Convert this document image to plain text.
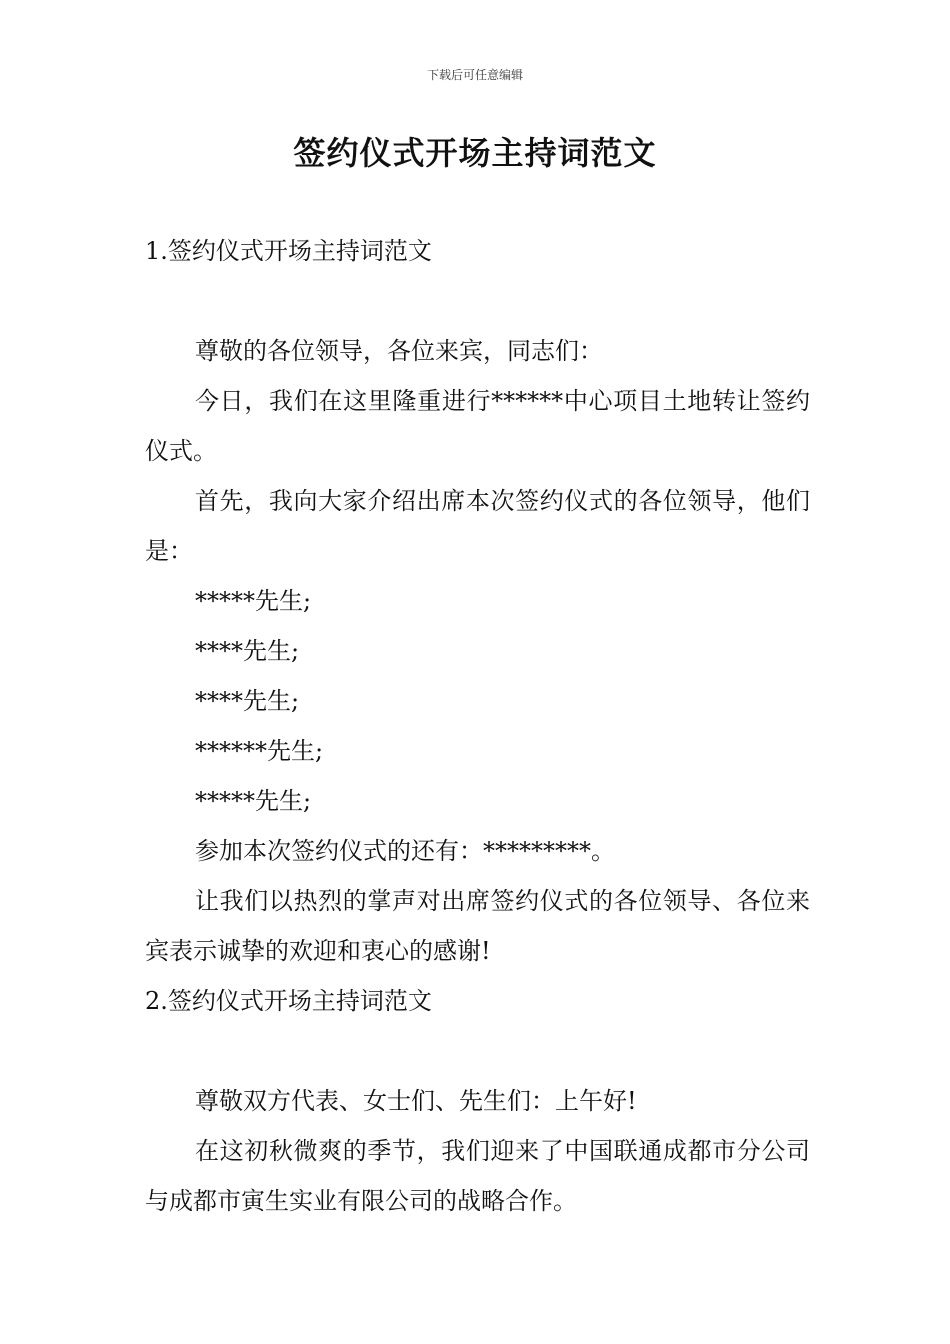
下载后可任意编辑
签约仪式开场主持词范文

1.签约仪式开场主持词范文

尊敬的各位领导，各位来宾，同志们：

今日，我们在这里隆重进行******中心项目土地转让签约仪式。

首先，我向大家介绍出席本次签约仪式的各位领导，他们是：

*****先生;

****先生;

****先生;

******先生;

*****先生;

参加本次签约仪式的还有：*********。

让我们以热烈的掌声对出席签约仪式的各位领导、各位来宾表示诚挚的欢迎和衷心的感谢!

2.签约仪式开场主持词范文

尊敬双方代表、女士们、先生们：上午好!

在这初秋微爽的季节，我们迎来了中国联通成都市分公司与成都市寅生实业有限公司的战略合作。
